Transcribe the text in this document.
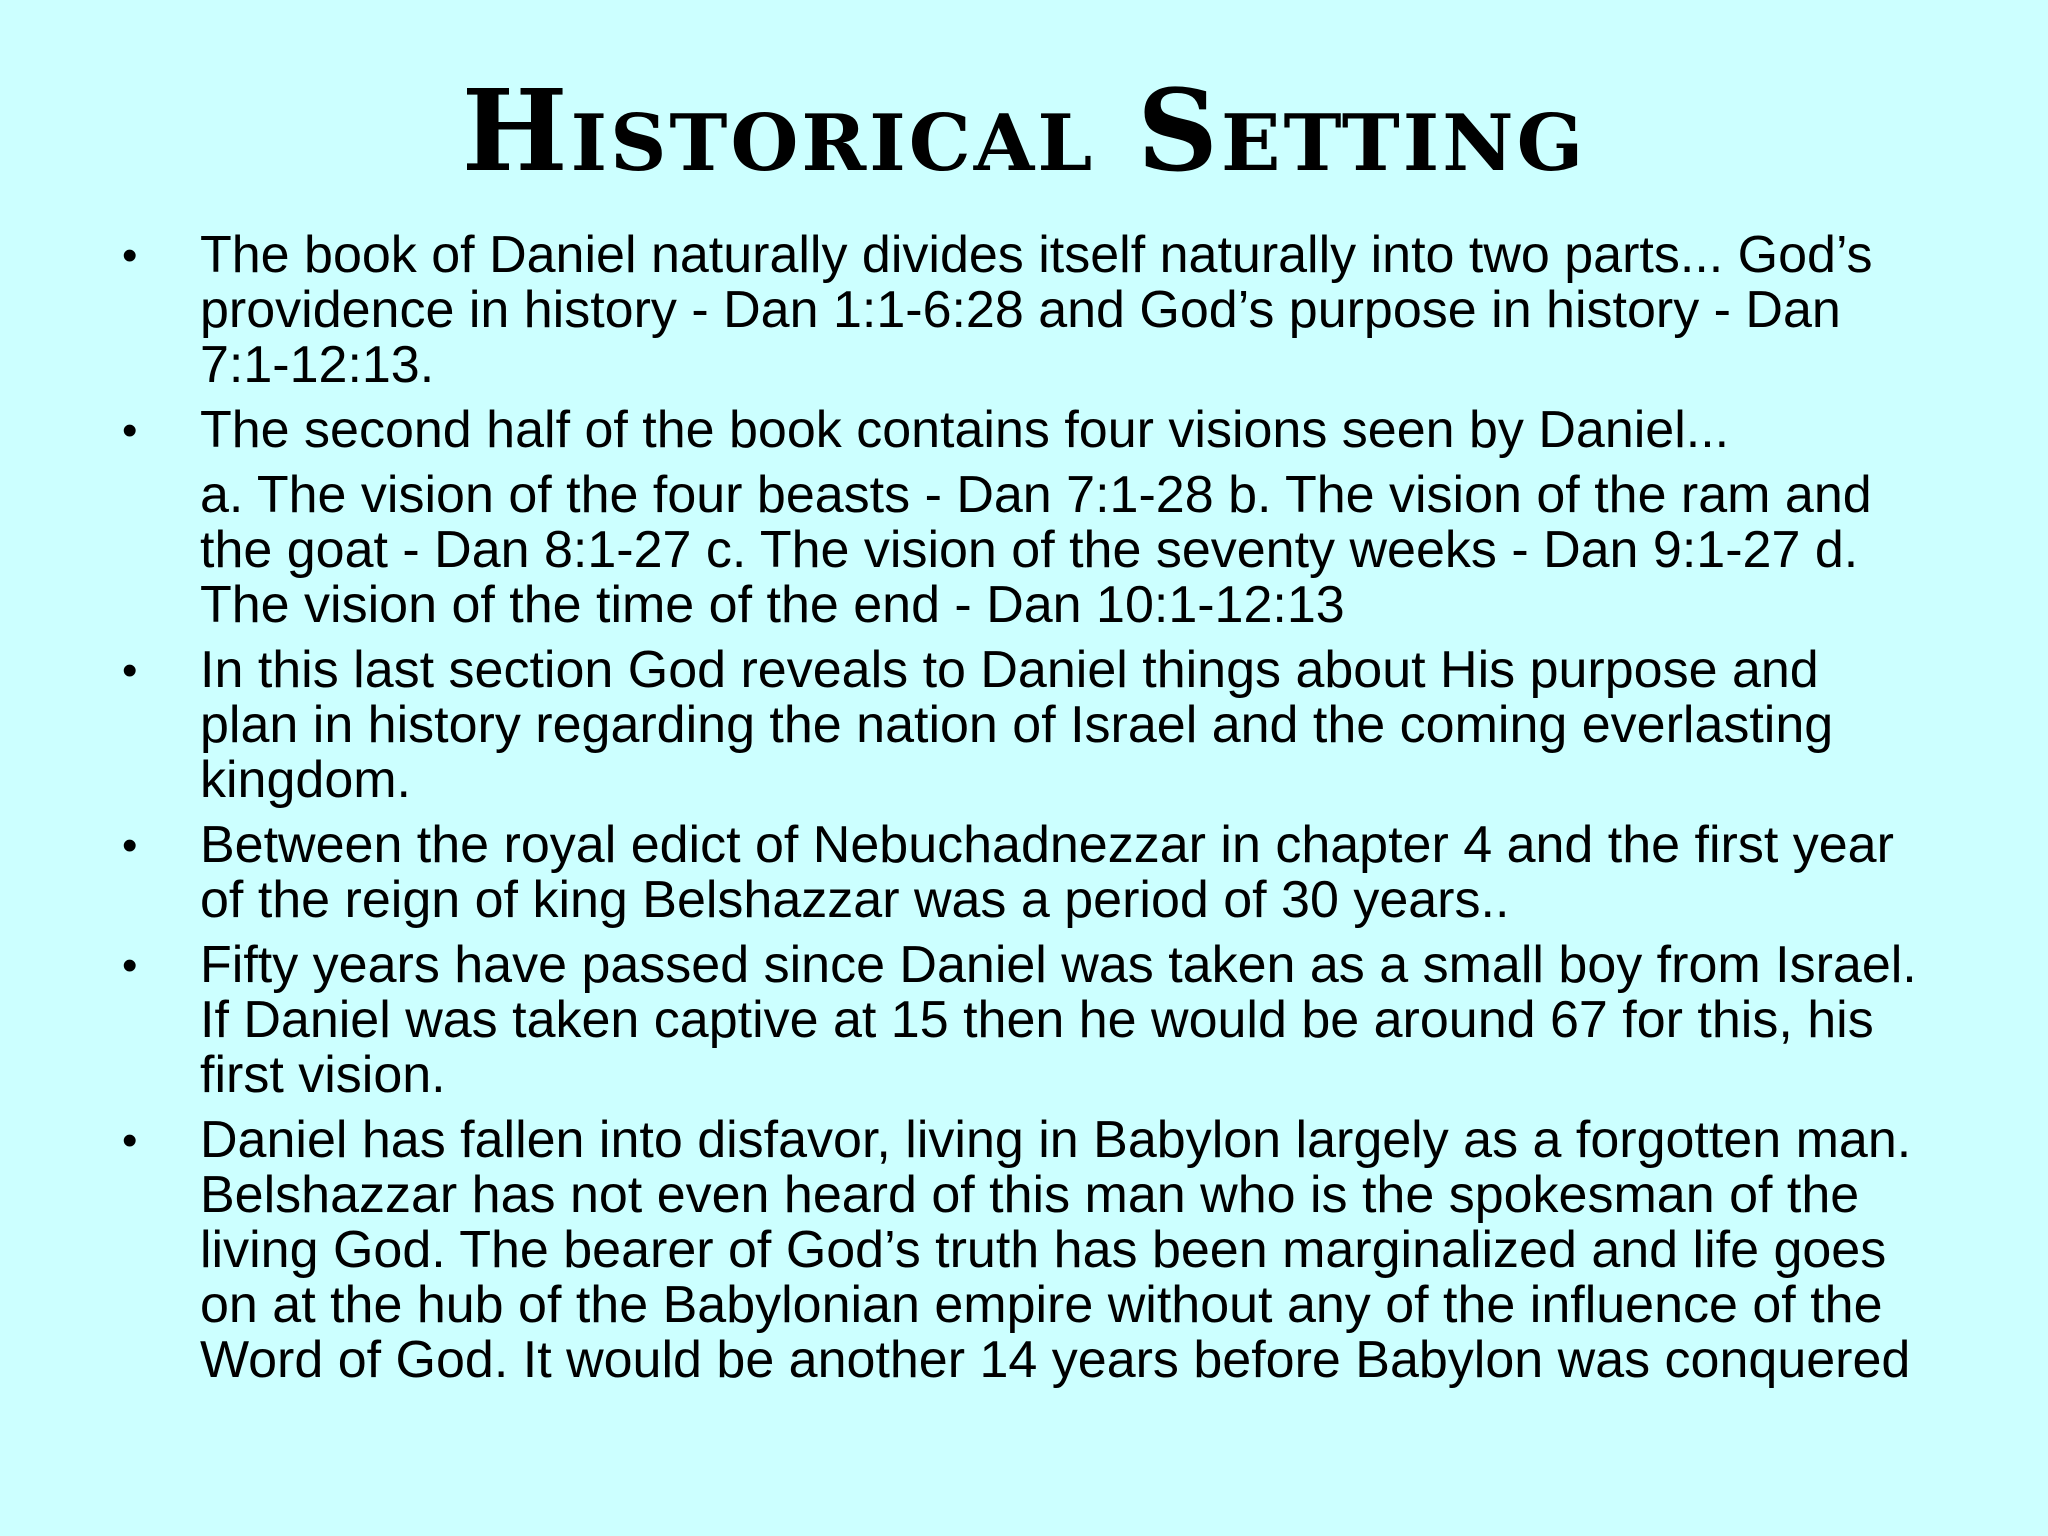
Historical Setting
• The book of Daniel naturally divides itself naturally into two parts... God’s providence in history - Dan 1:1-6:28 and God’s purpose in history - Dan 7:1-12:13.
• The second half of the book contains four visions seen by Daniel...
a. The vision of the four beasts - Dan 7:1-28 b. The vision of the ram and the goat - Dan 8:1-27 c. The vision of the seventy weeks - Dan 9:1-27 d. The vision of the time of the end - Dan 10:1-12:13
• In this last section God reveals to Daniel things about His purpose and plan in history regarding the nation of Israel and the coming everlasting kingdom.
• Between the royal edict of Nebuchadnezzar in chapter 4 and the first year of the reign of king Belshazzar was a period of 30 years..
• Fifty years have passed since Daniel was taken as a small boy from Israel. If Daniel was taken captive at 15 then he would be around 67 for this, his first vision.
• Daniel has fallen into disfavor, living in Babylon largely as a forgotten man. Belshazzar has not even heard of this man who is the spokesman of the living God. The bearer of God’s truth has been marginalized and life goes on at the hub of the Babylonian empire without any of the influence of the Word of God. It would be another 14 years before Babylon was conquered
